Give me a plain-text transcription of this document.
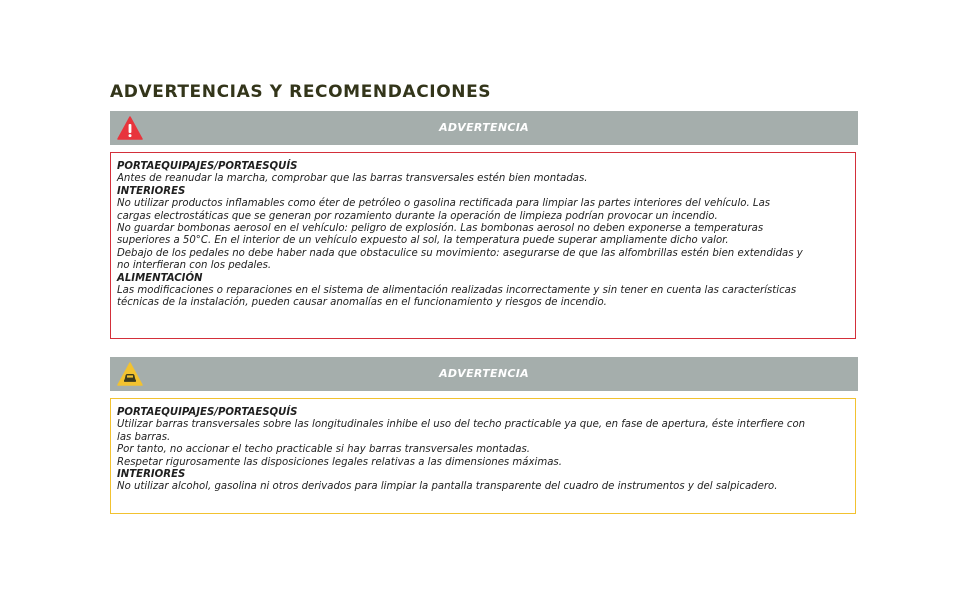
ADVERTENCIAS Y RECOMENDACIONES
ADVERTENCIA

PORTAEQUIPAJES/PORTAESQUÍS

Antes de reanudar la marcha, comprobar que las barras transversales estén bien montadas.

INTERIORES

No utilizar productos inflamables como éter de petróleo o gasolina rectificada para limpiar las partes interiores del vehículo. Las

cargas electrostáticas que se generan por rozamiento durante la operación de limpieza podrían provocar un incendio.

No guardar bombonas aerosol en el vehículo: peligro de explosión. Las bombonas aerosol no deben exponerse a temperaturas

superiores a 50°C. En el interior de un vehículo expuesto al sol, la temperatura puede superar ampliamente dicho valor.

Debajo de los pedales no debe haber nada que obstaculice su movimiento: asegurarse de que las alfombrillas estén bien extendidas y

no interfieran con los pedales.

ALIMENTACIÓN

Las modificaciones o reparaciones en el sistema de alimentación realizadas incorrectamente y sin tener en cuenta las características

técnicas de la instalación, pueden causar anomalías en el funcionamiento y riesgos de incendio.

ADVERTENCIA

PORTAEQUIPAJES/PORTAESQUÍS

Utilizar barras transversales sobre las longitudinales inhibe el uso del techo practicable ya que, en fase de apertura, éste interfiere con

las barras.

Por tanto, no accionar el techo practicable si hay barras transversales montadas.

Respetar rigurosamente las disposiciones legales relativas a las dimensiones máximas.

INTERIORES

No utilizar alcohol, gasolina ni otros derivados para limpiar la pantalla transparente del cuadro de instrumentos y del salpicadero.
